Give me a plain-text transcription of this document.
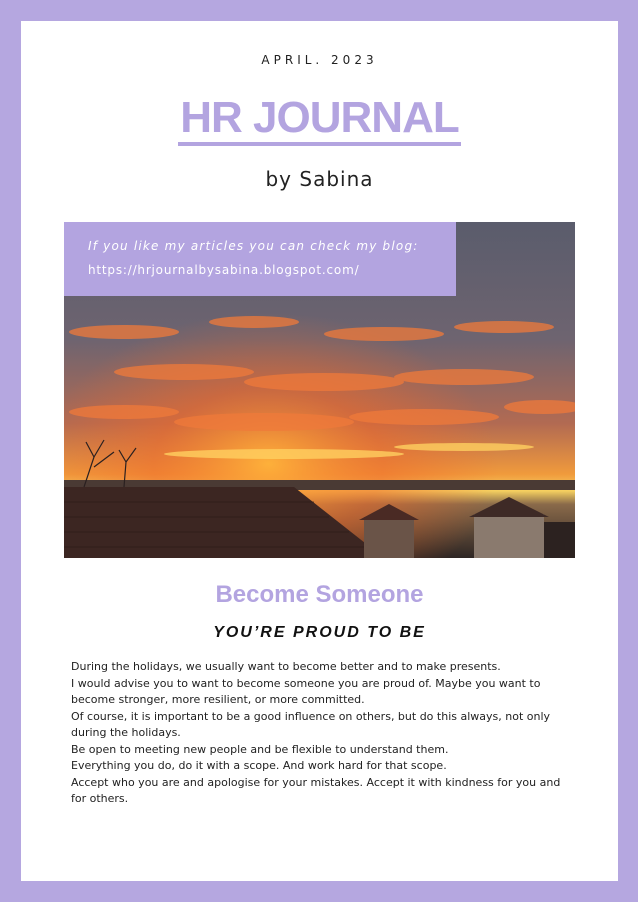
APRIL. 2023
HR JOURNAL
by Sabina
If you like my articles you can check my blog:
https://hrjournalbysabina.blogspot.com/
Become Someone
YOU’RE PROUD TO BE

During the holidays, we usually want to become better and to make presents.

I would advise you to want to become someone you are proud of. Maybe you want to become stronger, more resilient, or more committed.

Of course, it is important to be a good influence on others, but do this always, not only during the holidays.

Be open to meeting new people and be flexible to understand them.

Everything you do, do it with a scope. And work hard for that scope.

Accept who you are and apologise for your mistakes. Accept it with kindness for you and for others.
